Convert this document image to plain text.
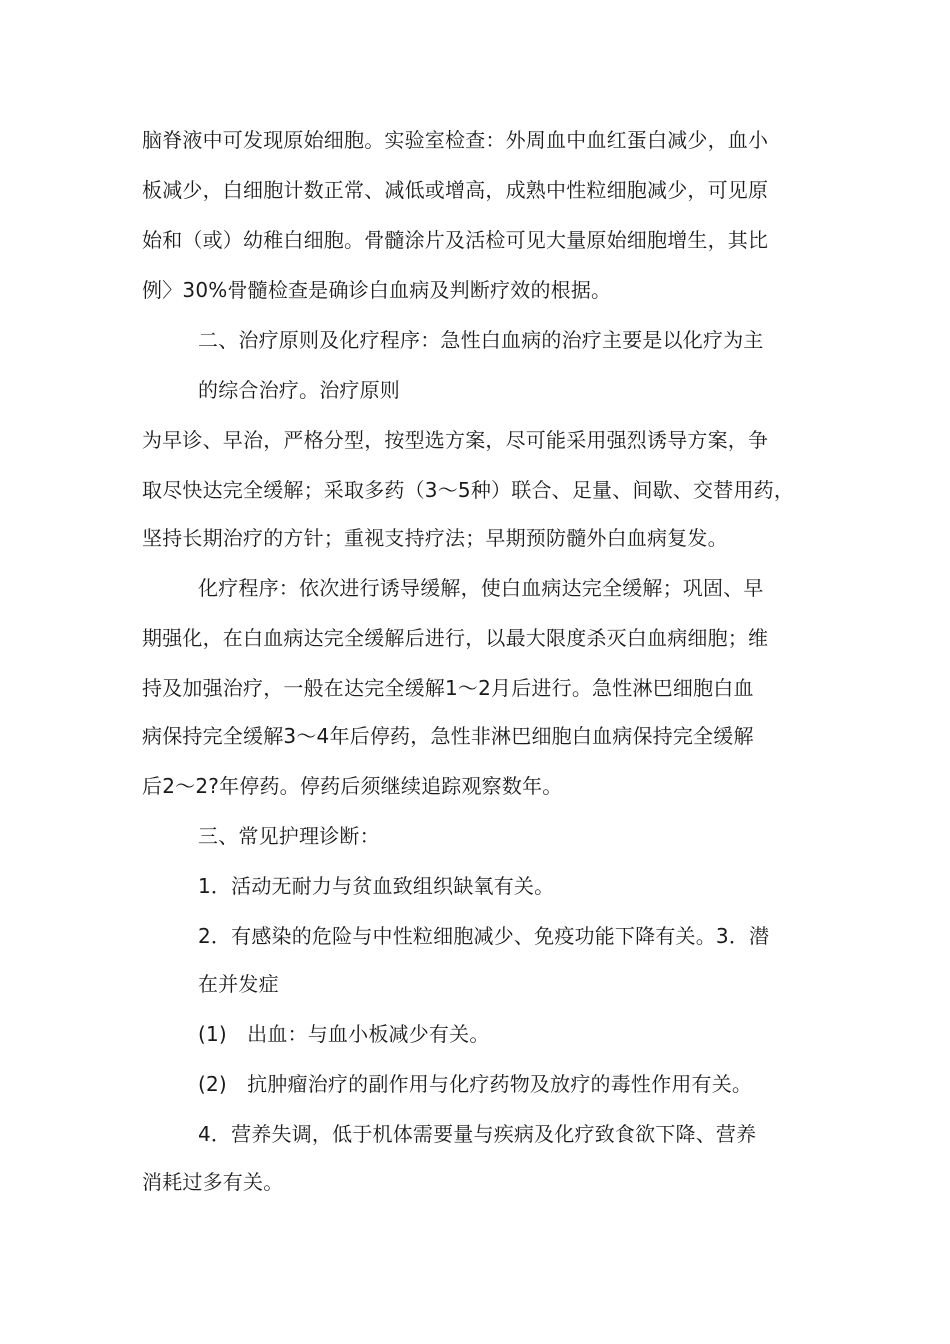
脑脊液中可发现原始细胞。实验室检查：外周血中血红蛋白减少，血小
板减少，白细胞计数正常、减低或增高，成熟中性粒细胞减少，可见原
始和（或）幼稚白细胞。骨髓涂片及活检可见大量原始细胞增生，其比
例〉30%骨髓检查是确诊白血病及判断疗效的根据。
二、治疗原则及化疗程序：急性白血病的治疗主要是以化疗为主
的综合治疗。治疗原则
为早诊、早治，严格分型，按型选方案，尽可能采用强烈诱导方案，争
取尽快达完全缓解；采取多药（3〜5种）联合、足量、间歇、交替用药，
坚持长期治疗的方针；重视支持疗法；早期预防髓外白血病复发。
化疗程序：依次进行诱导缓解，使白血病达完全缓解；巩固、早
期强化，在白血病达完全缓解后进行，以最大限度杀灭白血病细胞；维
持及加强治疗，一般在达完全缓解1〜2月后进行。急性淋巴细胞白血
病保持完全缓解3〜4年后停药，急性非淋巴细胞白血病保持完全缓解
后2〜2?年停药。停药后须继续追踪观察数年。
三、常见护理诊断：
1．活动无耐力与贫血致组织缺氧有关。
2．有感染的危险与中性粒细胞减少、免疫功能下降有关。3．潜
在并发症
(1)　出血：与血小板减少有关。
(2)　抗肿瘤治疗的副作用与化疗药物及放疗的毒性作用有关。
4．营养失调，低于机体需要量与疾病及化疗致食欲下降、营养
消耗过多有关。
